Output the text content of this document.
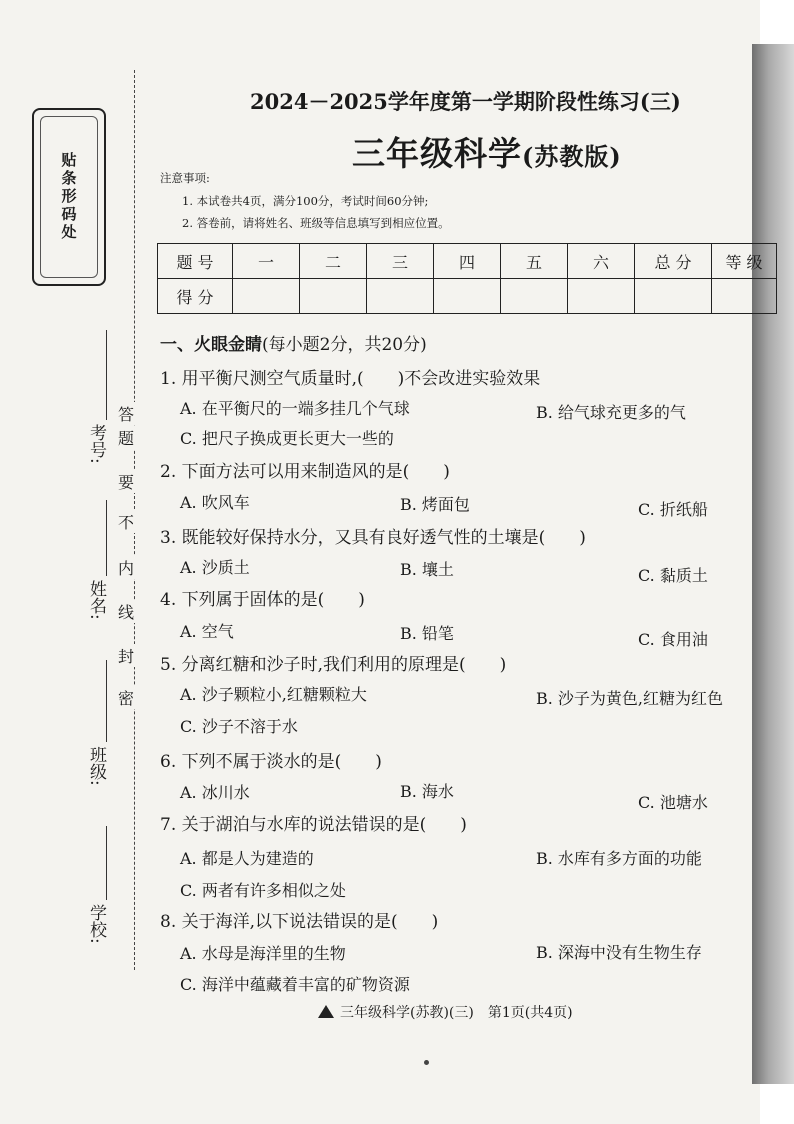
贴条形码处
答
题
要
不
内
线
封
密
考号:
姓名:
班级:
学校:
2024－2025学年度第一学期阶段性练习(三)
三年级科学(苏教版)
注意事项:
1. 本试卷共4页，满分100分，考试时间60分钟;
2. 答卷前，请将姓名、班级等信息填写到相应位置。
题 号	一	二	三	四	五	六	总 分	等 级
得 分								
一、火眼金睛(每小题2分，共20分)
1. 用平衡尺测空气质量时,(　　)不会改进实验效果
A. 在平衡尺的一端多挂几个气球	B. 给气球充更多的气
C. 把尺子换成更长更大一些的
2. 下面方法可以用来制造风的是(　　)
A. 吹风车	B. 烤面包	C. 折纸船
3. 既能较好保持水分，又具有良好透气性的土壤是(　　)
A. 沙质土	B. 壤土	C. 黏质土
4. 下列属于固体的是(　　)
A. 空气	B. 铅笔	C. 食用油
5. 分离红糖和沙子时,我们利用的原理是(　　)
A. 沙子颗粒小,红糖颗粒大	B. 沙子为黄色,红糖为红色
C. 沙子不溶于水
6. 下列不属于淡水的是(　　)
A. 冰川水	B. 海水
C. 池塘水
7. 关于湖泊与水库的说法错误的是(　　)
A. 都是人为建造的	B. 水库有多方面的功能
C. 两者有许多相似之处
8. 关于海洋,以下说法错误的是(　　)
A. 水母是海洋里的生物	B. 深海中没有生物生存
C. 海洋中蕴藏着丰富的矿物资源
三年级科学(苏教)(三)　第1页(共4页)
